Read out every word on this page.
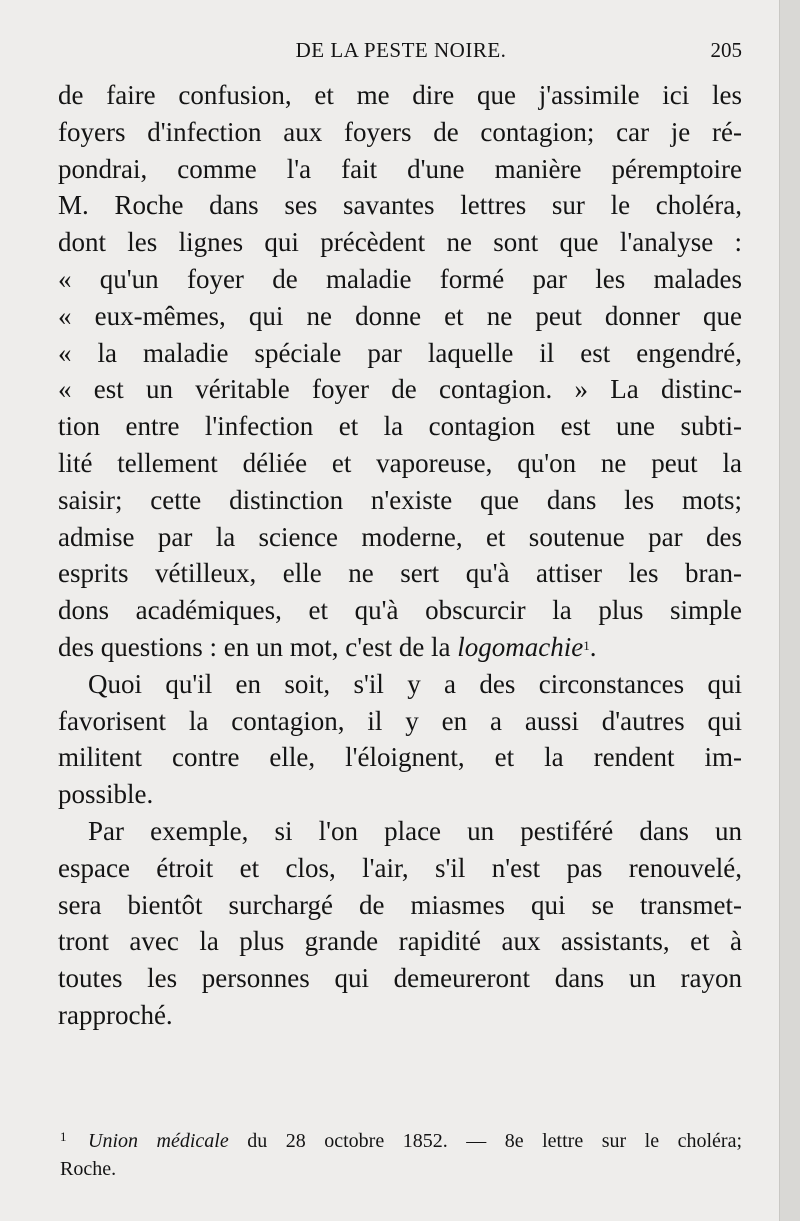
DE LA PESTE NOIRE.	205
de faire confusion, et me dire que j'assimile ici les
foyers d'infection aux foyers de contagion; car je ré-
pondrai, comme l'a fait d'une manière péremptoire
M. Roche dans ses savantes lettres sur le choléra,
dont les lignes qui précèdent ne sont que l'analyse :
« qu'un foyer de maladie formé par les malades
« eux-mêmes, qui ne donne et ne peut donner que
« la maladie spéciale par laquelle il est engendré,
« est un véritable foyer de contagion. » La distinc-
tion entre l'infection et la contagion est une subti-
lité tellement déliée et vaporeuse, qu'on ne peut la
saisir; cette distinction n'existe que dans les mots;
admise par la science moderne, et soutenue par des
esprits vétilleux, elle ne sert qu'à attiser les bran-
dons académiques, et qu'à obscurcir la plus simple
des questions : en un mot, c'est de la logomachie$^1$.
Quoi qu'il en soit, s'il y a des circonstances qui
favorisent la contagion, il y en a aussi d'autres qui
militent contre elle, l'éloignent, et la rendent im-
possible.
Par exemple, si l'on place un pestiféré dans un
espace étroit et clos, l'air, s'il n'est pas renouvelé,
sera bientôt surchargé de miasmes qui se transmet-
tront avec la plus grande rapidité aux assistants, et à
toutes les personnes qui demeureront dans un rayon
rapproché.
$^1$ Union médicale du 28 octobre 1852. — 8e lettre sur le choléra;
Roche.
